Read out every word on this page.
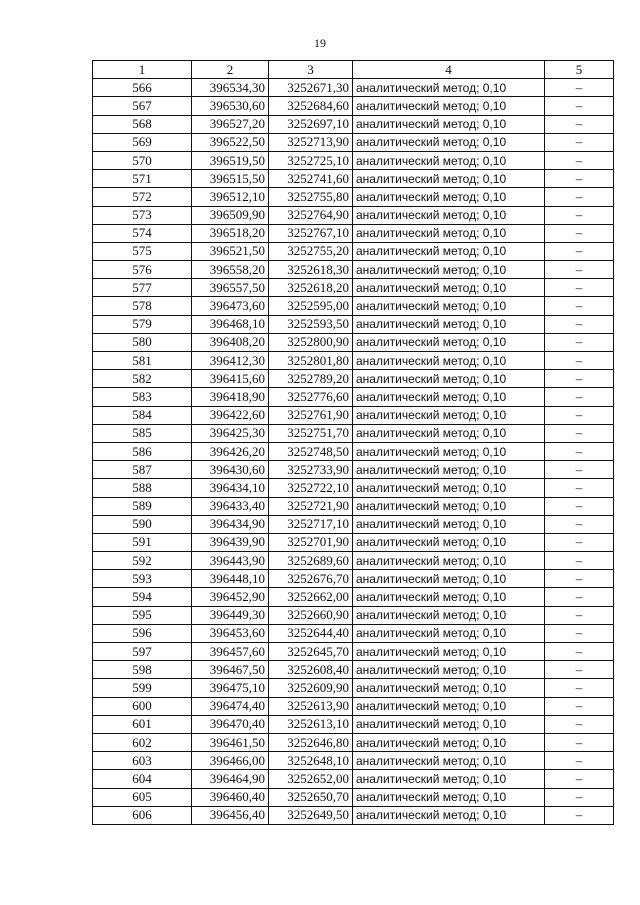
19
1	2	3	4	5
566	396534,30	3252671,30	аналитический метод; 0,10	–
567	396530,60	3252684,60	аналитический метод; 0,10	–
568	396527,20	3252697,10	аналитический метод; 0,10	–
569	396522,50	3252713,90	аналитический метод; 0,10	–
570	396519,50	3252725,10	аналитический метод; 0,10	–
571	396515,50	3252741,60	аналитический метод; 0,10	–
572	396512,10	3252755,80	аналитический метод; 0,10	–
573	396509,90	3252764,90	аналитический метод; 0,10	–
574	396518,20	3252767,10	аналитический метод; 0,10	–
575	396521,50	3252755,20	аналитический метод; 0,10	–
576	396558,20	3252618,30	аналитический метод; 0,10	–
577	396557,50	3252618,20	аналитический метод; 0,10	–
578	396473,60	3252595,00	аналитический метод; 0,10	–
579	396468,10	3252593,50	аналитический метод; 0,10	–
580	396408,20	3252800,90	аналитический метод; 0,10	–
581	396412,30	3252801,80	аналитический метод; 0,10	–
582	396415,60	3252789,20	аналитический метод; 0,10	–
583	396418,90	3252776,60	аналитический метод; 0,10	–
584	396422,60	3252761,90	аналитический метод; 0,10	–
585	396425,30	3252751,70	аналитический метод; 0,10	–
586	396426,20	3252748,50	аналитический метод; 0,10	–
587	396430,60	3252733,90	аналитический метод; 0,10	–
588	396434,10	3252722,10	аналитический метод; 0,10	–
589	396433,40	3252721,90	аналитический метод; 0,10	–
590	396434,90	3252717,10	аналитический метод; 0,10	–
591	396439,90	3252701,90	аналитический метод; 0,10	–
592	396443,90	3252689,60	аналитический метод; 0,10	–
593	396448,10	3252676,70	аналитический метод; 0,10	–
594	396452,90	3252662,00	аналитический метод; 0,10	–
595	396449,30	3252660,90	аналитический метод; 0,10	–
596	396453,60	3252644,40	аналитический метод; 0,10	–
597	396457,60	3252645,70	аналитический метод; 0,10	–
598	396467,50	3252608,40	аналитический метод; 0,10	–
599	396475,10	3252609,90	аналитический метод; 0,10	–
600	396474,40	3252613,90	аналитический метод; 0,10	–
601	396470,40	3252613,10	аналитический метод; 0,10	–
602	396461,50	3252646,80	аналитический метод; 0,10	–
603	396466,00	3252648,10	аналитический метод; 0,10	–
604	396464,90	3252652,00	аналитический метод; 0,10	–
605	396460,40	3252650,70	аналитический метод; 0,10	–
606	396456,40	3252649,50	аналитический метод; 0,10	–
